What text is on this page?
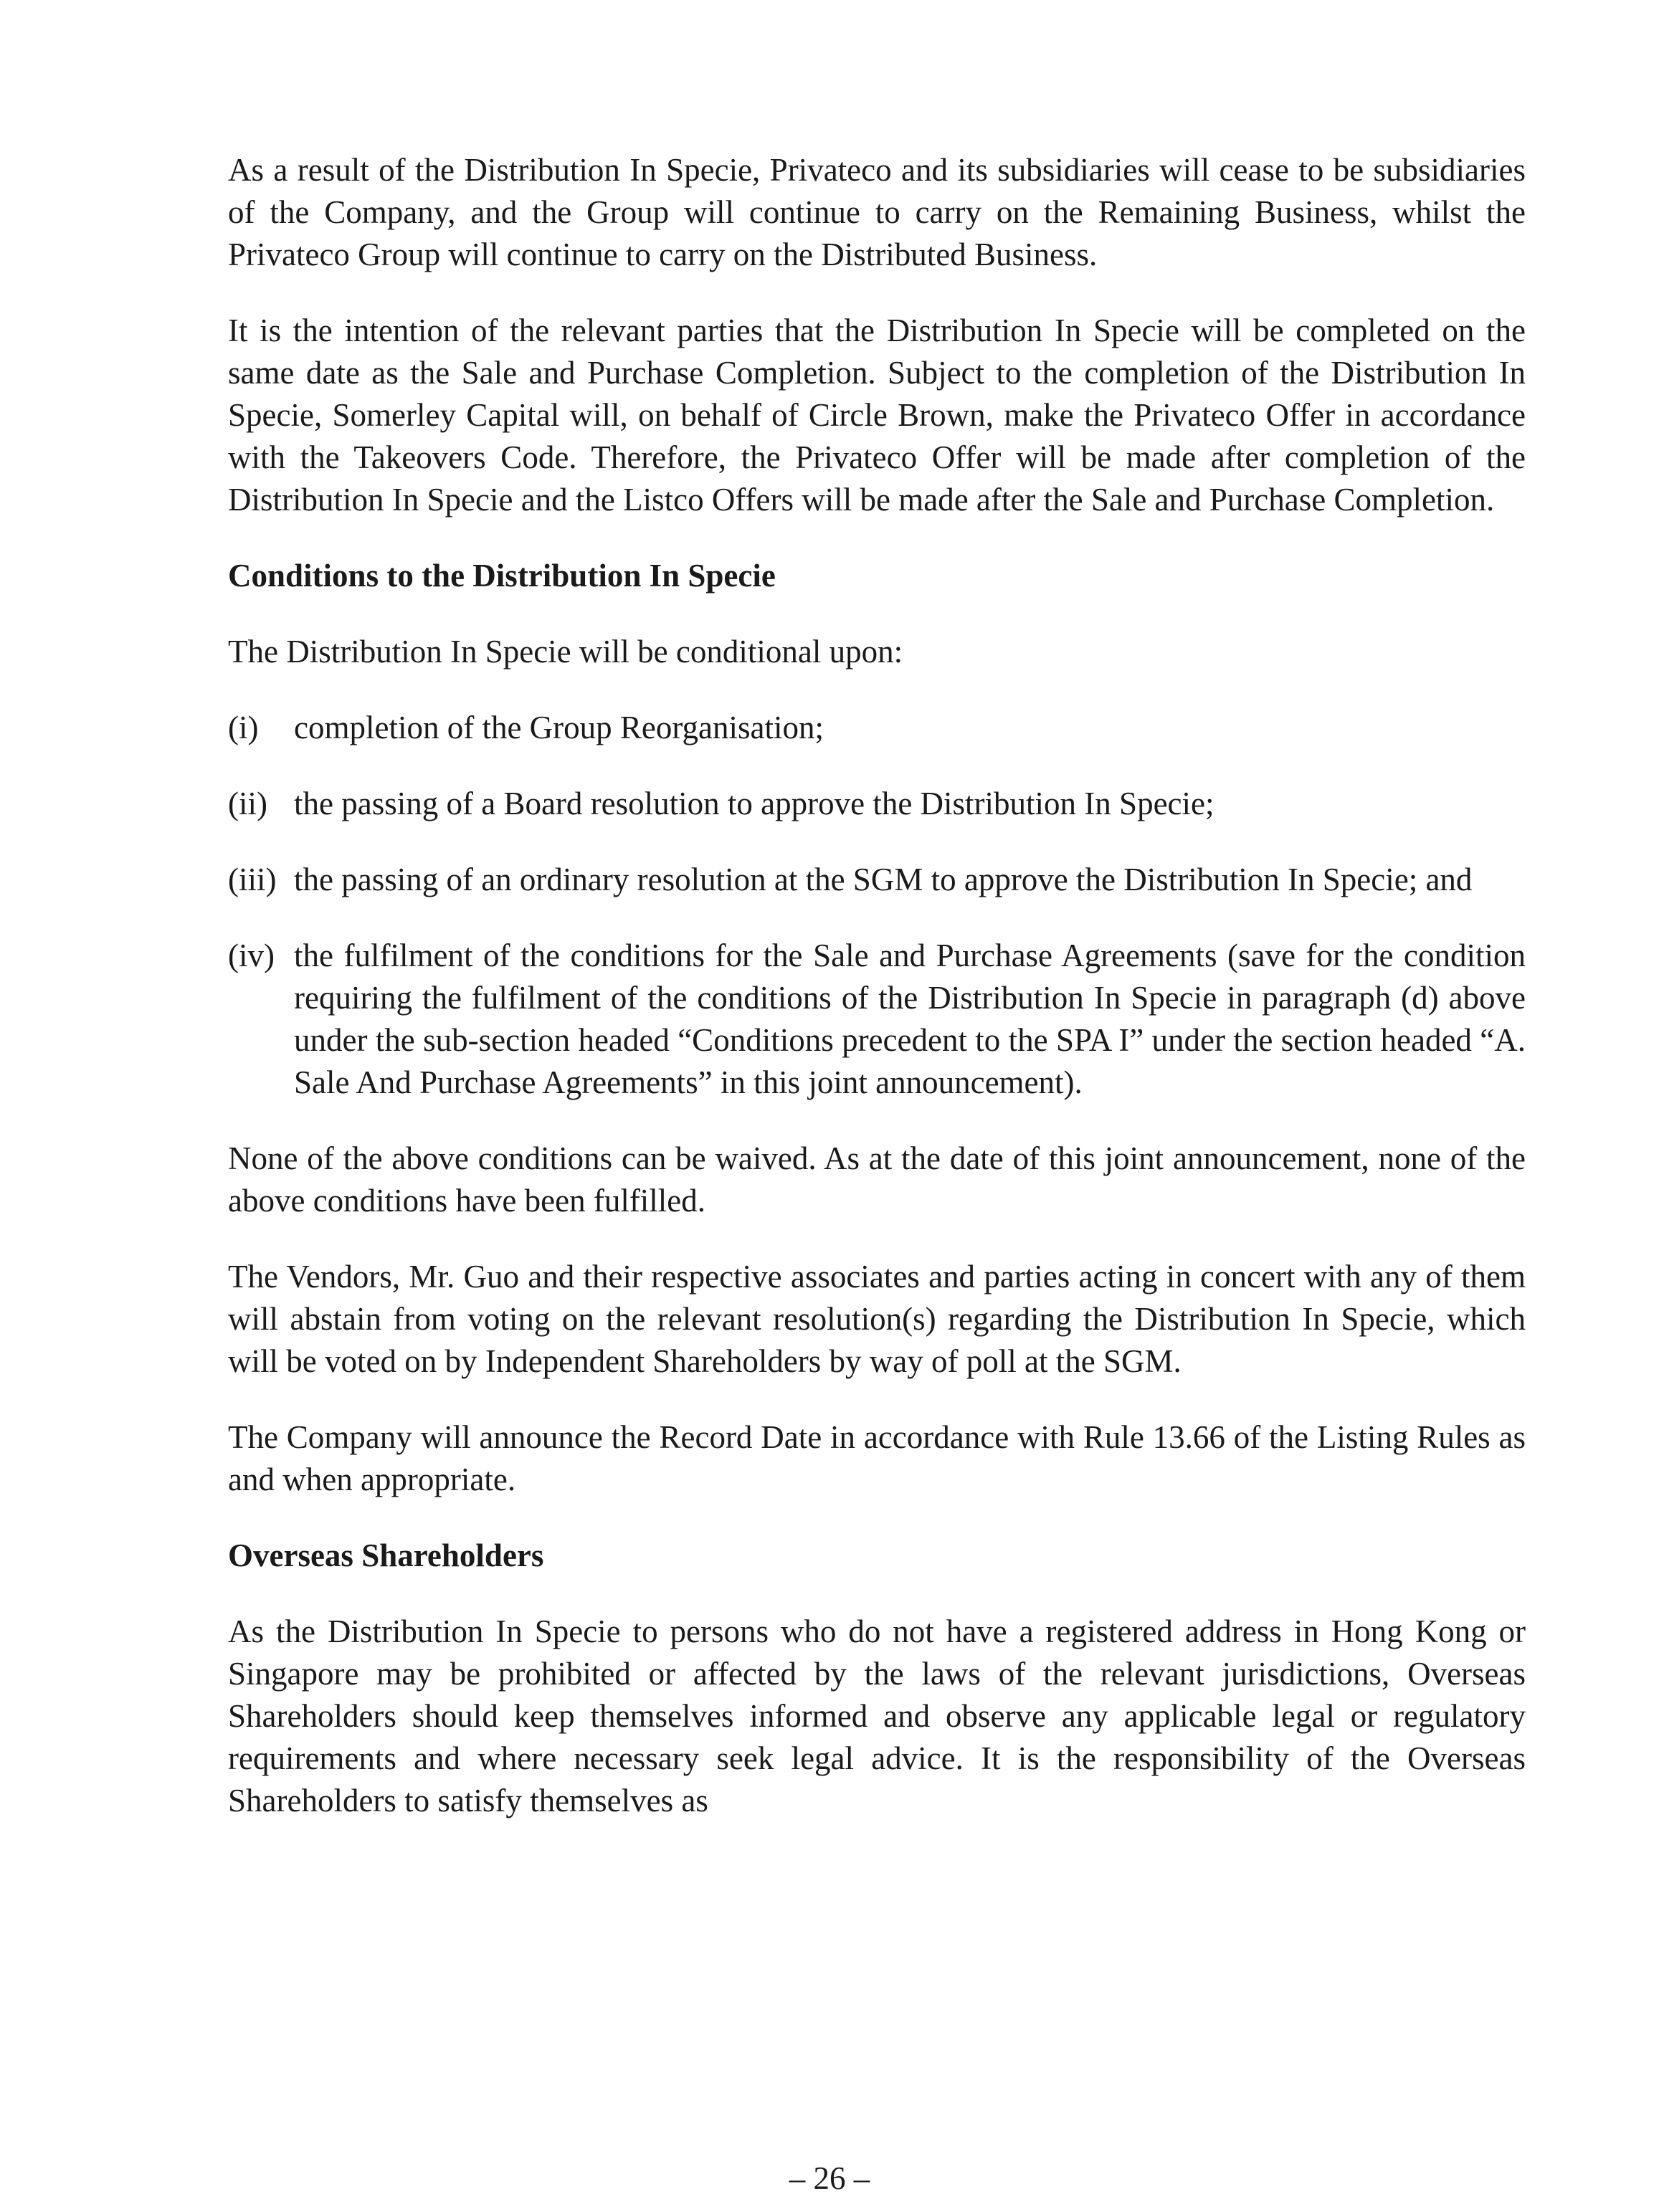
As a result of the Distribution In Specie, Privateco and its subsidiaries will cease to be subsidiaries of the Company, and the Group will continue to carry on the Remaining Business, whilst the Privateco Group will continue to carry on the Distributed Business.

It is the intention of the relevant parties that the Distribution In Specie will be completed on the same date as the Sale and Purchase Completion. Subject to the completion of the Distribution In Specie, Somerley Capital will, on behalf of Circle Brown, make the Privateco Offer in accordance with the Takeovers Code. Therefore, the Privateco Offer will be made after completion of the Distribution In Specie and the Listco Offers will be made after the Sale and Purchase Completion.

Conditions to the Distribution In Specie

The Distribution In Specie will be conditional upon:

(i)	completion of the Group Reorganisation;
(ii) the passing of a Board resolution to approve the Distribution In Specie;
(iii) the passing of an ordinary resolution at the SGM to approve the Distribution In Specie; and
(iv) the fulfilment of the conditions for the Sale and Purchase Agreements (save for the condition requiring the fulfilment of the conditions of the Distribution In Specie in paragraph (d) above under the sub-section headed “Conditions precedent to the SPA I” under the section headed “A. Sale And Purchase Agreements” in this joint announcement).

None of the above conditions can be waived. As at the date of this joint announcement, none of the above conditions have been fulfilled.

The Vendors, Mr. Guo and their respective associates and parties acting in concert with any of them will abstain from voting on the relevant resolution(s) regarding the Distribution In Specie, which will be voted on by Independent Shareholders by way of poll at the SGM.

The Company will announce the Record Date in accordance with Rule 13.66 of the Listing Rules as and when appropriate.

Overseas Shareholders

As the Distribution In Specie to persons who do not have a registered address in Hong Kong or Singapore may be prohibited or affected by the laws of the relevant jurisdictions, Overseas Shareholders should keep themselves informed and observe any applicable legal or regulatory requirements and where necessary seek legal advice. It is the responsibility of the Overseas Shareholders to satisfy themselves as

– 26 –
